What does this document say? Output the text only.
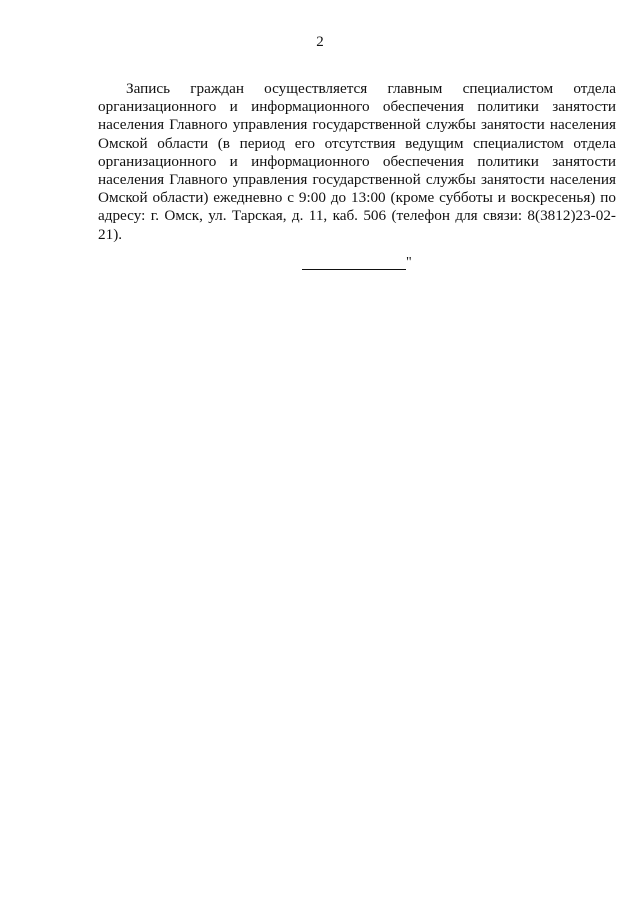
2

Запись граждан осуществляется главным специалистом отдела организационного и информационного обеспечения политики занятости населения Главного управления государственной службы занятости населения Омской области (в период его отсутствия ведущим специалистом отдела организационного и информационного обеспечения политики занятости населения Главного управления государственной службы занятости населения Омской области) ежедневно с 9:00 до 13:00 (кроме субботы и воскресенья) по адресу: г. Омск, ул. Тарская, д. 11, каб. 506 (телефон для связи: 8(3812)23-02-21).

"
